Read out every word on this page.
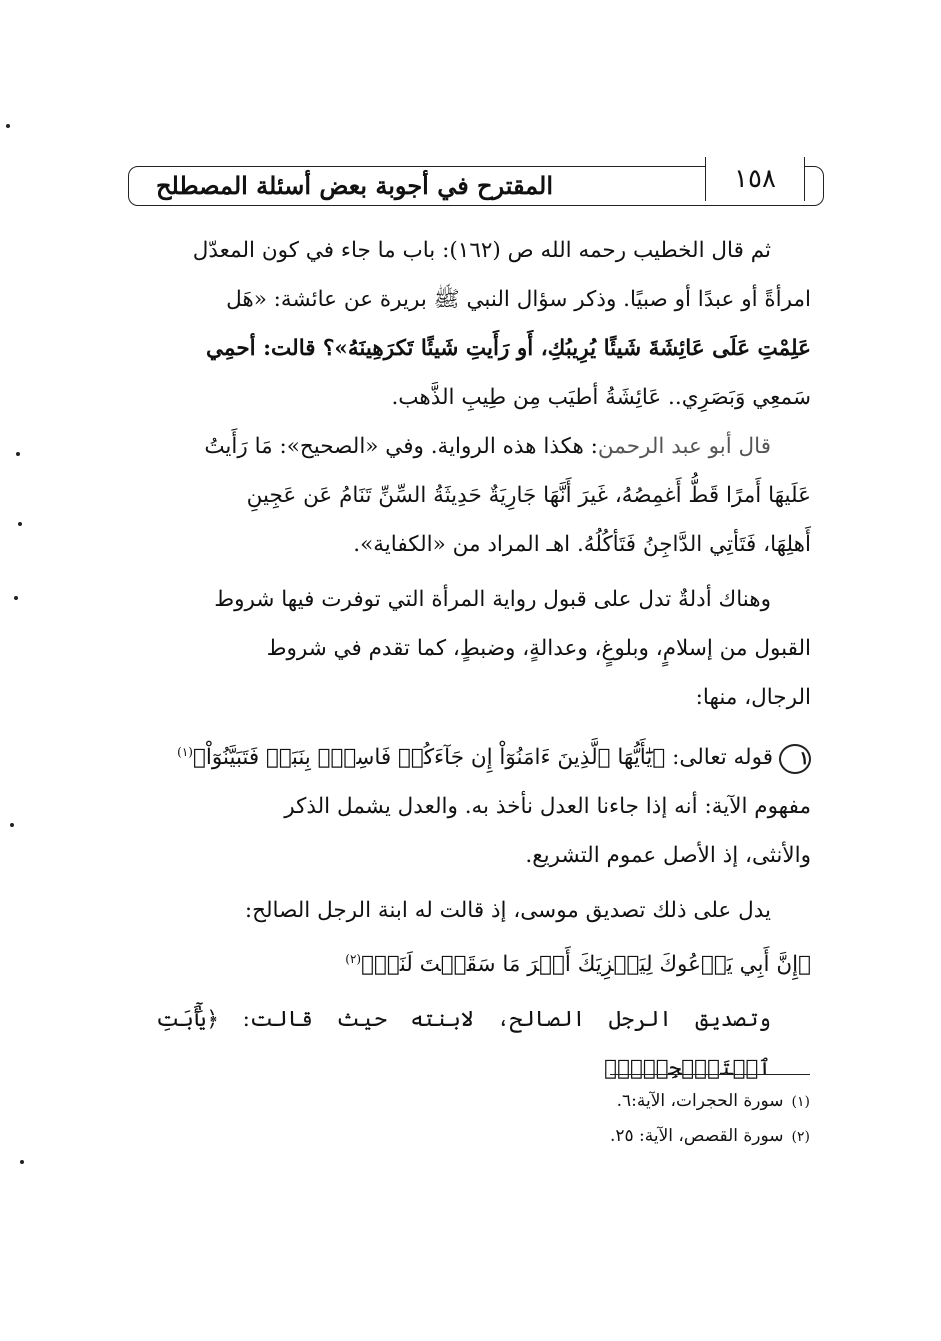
المقترح في أجوبة بعض أسئلة المصطلح	١٥٨

ثم قال الخطيب رحمه الله ص (١٦٢): باب ما جاء في كون المعدّل

امرأةً أو عبدًا أو صبيًا. وذكر سؤال النبي ﷺ بريرة عن عائشة: «هَل

عَلِمْتِ عَلَى عَائِشَةَ شَيئًا يُرِيبُكِ، أَو رَأَيتِ شَيئًا تَكرَهِينَهُ»؟ قالت: أحمِي

سَمعِي وَبَصَرِي.. عَائِشَةُ أطيَب مِن طِيبِ الذَّهب.

قال أبو عبد الرحمن: هكذا هذه الرواية. وفي «الصحيح»: مَا رَأَيتُ

عَلَيهَا أَمرًا قَطُّ أَغمِصُهُ، غَيرَ أَنَّهَا جَارِيَةٌ حَدِيثَةُ السِّنِّ تَنَامُ عَن عَجِينِ

أَهلِهَا، فَتَأتِي الدَّاجِنُ فَتَأكُلُهُ. اهـ المراد من «الكفاية».

وهناك أدلةٌ تدل على قبول رواية المرأة التي توفرت فيها شروط

القبول من إسلامٍ، وبلوغٍ، وعدالةٍ، وضبطٍ، كما تقدم في شروط

الرجال، منها:

١قوله تعالى: ﴿يَٰٓأَيُّهَا ٱلَّذِينَ ءَامَنُوٓاْ إِن جَآءَكُمۡ فَاسِقُۢ بِنَبَإٖ فَتَبَيَّنُوٓاْ﴾$^{(١)}$

مفهوم الآية: أنه إذا جاءنا العدل نأخذ به. والعدل يشمل الذكر

والأنثى، إذ الأصل عموم التشريع.

يدل على ذلك تصديق موسى، إذ قالت له ابنة الرجل الصالح:

﴿إِنَّ أَبِي يَدۡعُوكَ لِيَجۡزِيَكَ أَجۡرَ مَا سَقَيۡتَ لَنَاۚ﴾$^{(٢)}$

وتصديق الرجل الصالح، لابنته حيث قالت: ﴿يَٰٓأَبَتِ ٱسۡتَـٔۡجِرۡهُۖ

(١)سورة الحجرات، الآية:٦.

(٢)سورة القصص، الآية: ٢٥.
